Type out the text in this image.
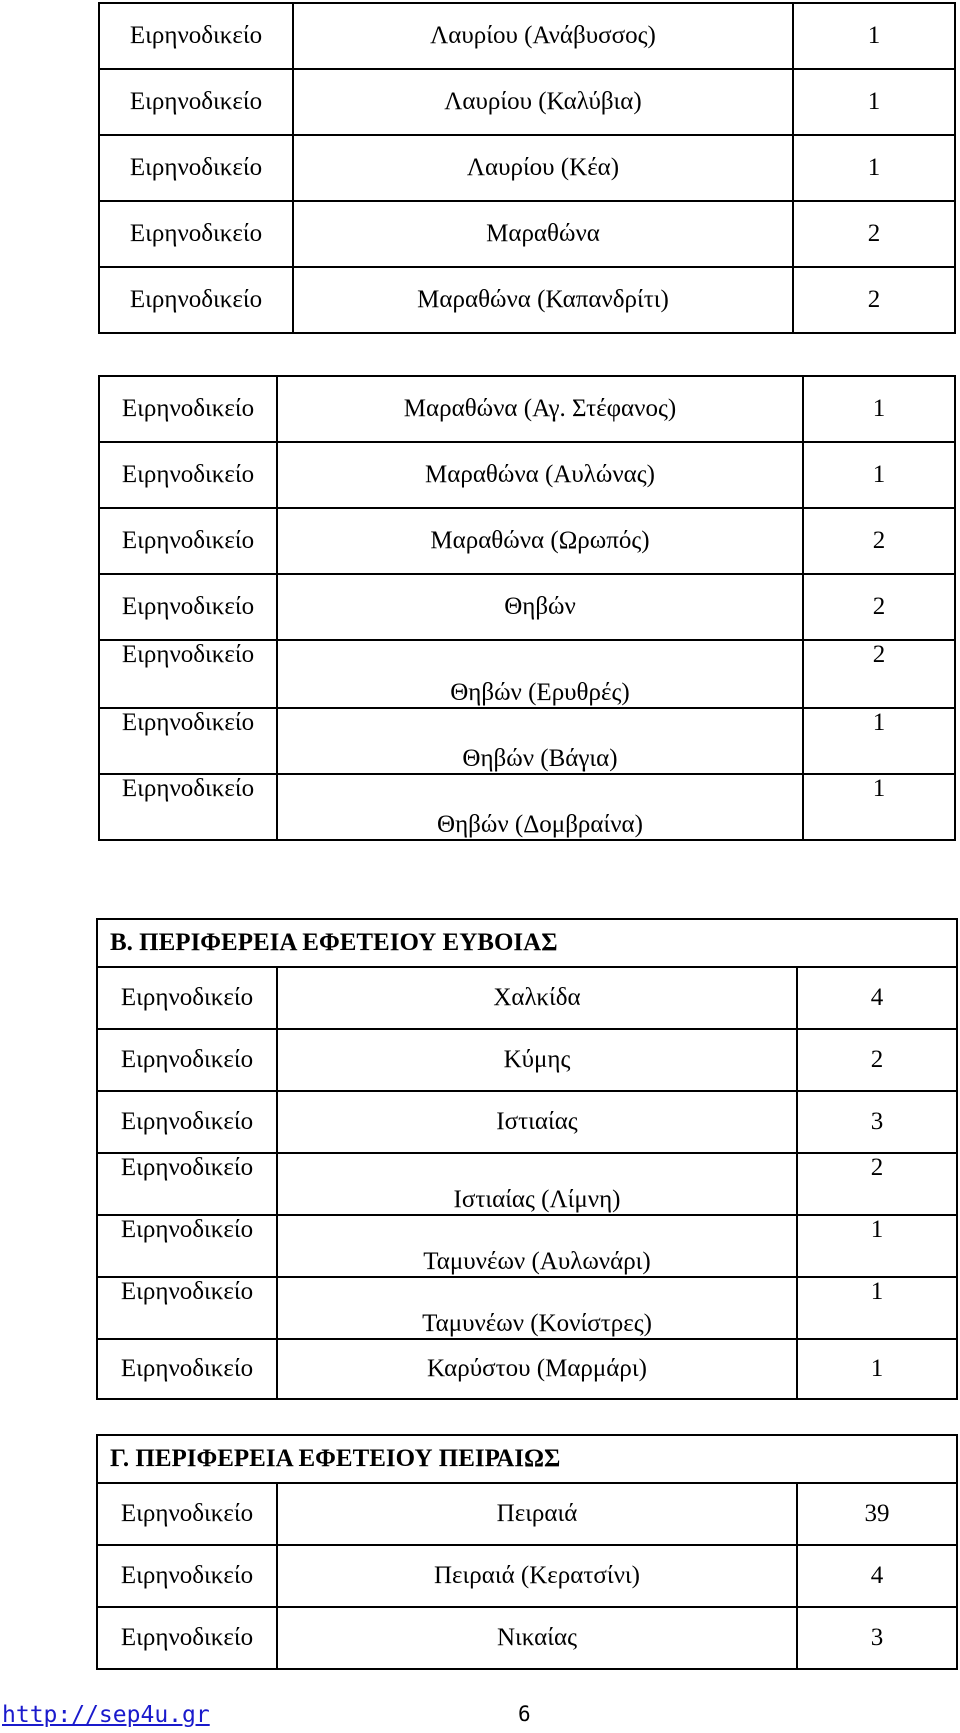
Ειρηνοδικείο	Λαυρίου (Ανάβυσσος)	1
Ειρηνοδικείο	Λαυρίου (Καλύβια)	1
Ειρηνοδικείο	Λαυρίου (Κέα)	1
Ειρηνοδικείο	Μαραθώνα	2
Ειρηνοδικείο	Μαραθώνα (Καπανδρίτι)	2
Ειρηνοδικείο	Μαραθώνα (Αγ. Στέφανος)	1
Ειρηνοδικείο	Μαραθώνα (Αυλώνας)	1
Ειρηνοδικείο	Μαραθώνα (Ωρωπός)	2
Ειρηνοδικείο	Θηβών	2
Ειρηνοδικείο	Θηβών (Ερυθρές)	2
Ειρηνοδικείο	Θηβών (Βάγια)	1
Ειρηνοδικείο	Θηβών (Δομβραίνα)	1
Β. ΠΕΡΙΦΕΡΕΙΑ ΕΦΕΤΕΙΟΥ ΕΥΒΟΙΑΣ		
Ειρηνοδικείο	Χαλκίδα	4
Ειρηνοδικείο	Κύμης	2
Ειρηνοδικείο	Ιστιαίας	3
Ειρηνοδικείο	Ιστιαίας (Λίμνη)	2
Ειρηνοδικείο	Ταμυνέων (Αυλωνάρι)	1
Ειρηνοδικείο	Ταμυνέων (Κονίστρες)	1
Ειρηνοδικείο	Καρύστου (Μαρμάρι)	1
Γ. ΠΕΡΙΦΕΡΕΙΑ ΕΦΕΤΕΙΟΥ ΠΕΙΡΑΙΩΣ		
Ειρηνοδικείο	Πειραιά	39
Ειρηνοδικείο	Πειραιά (Κερατσίνι)	4
Ειρηνοδικείο	Νικαίας	3
http://sep4u.gr	6
